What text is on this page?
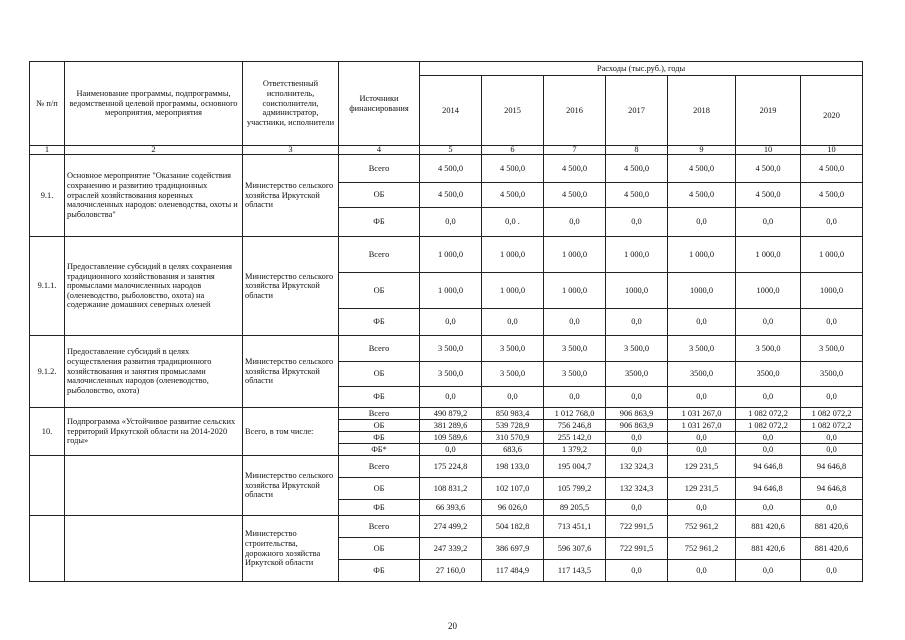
№ п/п	Наименование программы, подпрограммы, ведомственной целевой программы, основного мероприятия, мероприятия	Ответственный исполнитель, соисполнители, администратор, участники, исполнители	Источники финансирования	Расходы (тыс.руб.), годы						
				2014	2015	2016	2017	2018	2019	2020
1	2	3	4	5	6	7	8	9	10	10
9.1.	Основное мероприятие "Оказание содействия сохранению и развитию традиционных отраслей хозяйствования коренных малочисленных народов: оленеводства, охоты и рыболовства"	Министерство сельского хозяйства Иркутской области	Всего	4 500,0	4 500,0	4 500,0	4 500,0	4 500,0	4 500,0	4 500,0
			ОБ	4 500,0	4 500,0	4 500,0	4 500,0	4 500,0	4 500,0	4 500,0
			ФБ	0,0	0,0 .	0,0	0,0	0,0	0,0	0,0
9.1.1.	Предоставление субсидий в целях сохранения традиционного хозяйствования и занятия промыслами малочисленных народов (оленеводство, рыболовство, охота) на содержание домашних северных оленей	Министерство сельского хозяйства Иркутской области	Всего	1 000,0	1 000,0	1 000,0	1 000,0	1 000,0	1 000,0	1 000,0
			ОБ	1 000,0	1 000,0	1 000,0	1000,0	1000,0	1000,0	1000,0
			ФБ	0,0	0,0	0,0	0,0	0,0	0,0	0,0
9.1.2.	Предоставление субсидий в целях осуществления развития традиционного хозяйствования и занятия промыслами малочисленных народов (оленеводство, рыболовство, охота)	Министерство сельского хозяйства Иркутской области	Всего	3 500,0	3 500,0	3 500,0	3 500,0	3 500,0	3 500,0	3 500,0
			ОБ	3 500,0	3 500,0	3 500,0	3500,0	3500,0	3500,0	3500,0
			ФБ	0,0	0,0	0,0	0,0	0,0	0,0	0,0
10.	Подпрограмма «Устойчивое развитие сельских территорий Иркутской области на 2014-2020 годы»	Всего, в том числе:	Всего	490 879,2	850 983,4	1 012 768,0	906 863,9	1 031 267,0	1 082 072,2	1 082 072,2
			ОБ	381 289,6	539 728,9	756 246,8	906 863,9	1 031 267,0	1 082 072,2	1 082 072,2
			ФБ	109 589,6	310 570,9	255 142,0	0,0	0,0	0,0	0,0
			ФБ*	0,0	683,6	1 379,2	0,0	0,0	0,0	0,0
		Министерство сельского хозяйства Иркутской области	Всего	175 224,8	198 133,0	195 004,7	132 324,3	129 231,5	94 646,8	94 646,8
			ОБ	108 831,2	102 107,0	105 799,2	132 324,3	129 231,5	94 646,8	94 646,8
			ФБ	66 393,6	96 026,0	89 205,5	0,0	0,0	0,0	0,0
		Министерство строительства, дорожного хозяйства Иркутской области	Всего	274 499,2	504 182,8	713 451,1	722 991,5	752 961,2	881 420,6	881 420,6
			ОБ	247 339,2	386 697,9	596 307,6	722 991,5	752 961,2	881 420,6	881 420,6
			ФБ	27 160,0	117 484,9	117 143,5	0,0	0,0	0,0	0,0
20
